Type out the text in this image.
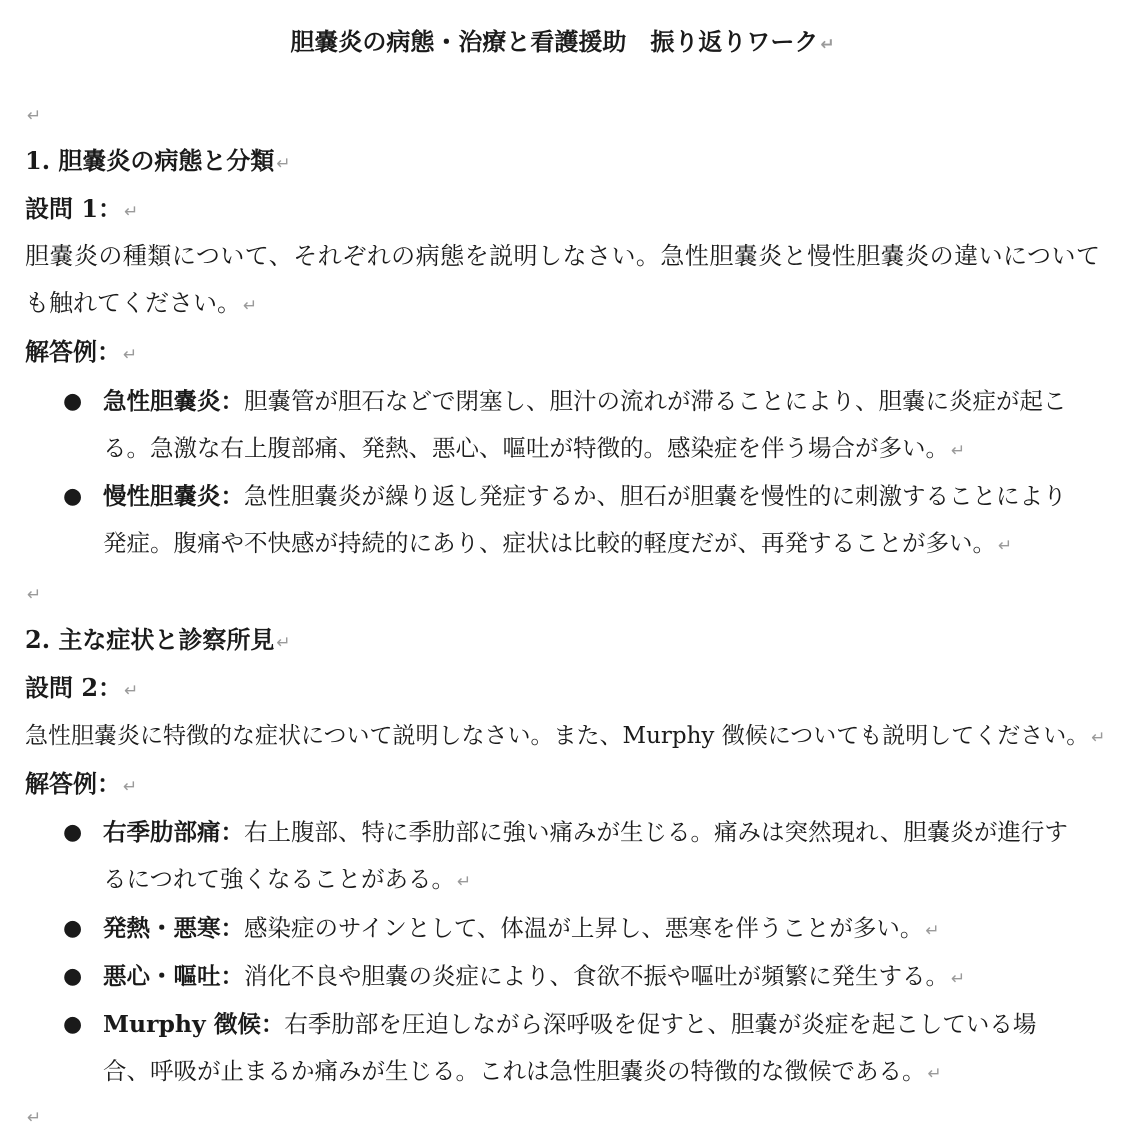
胆嚢炎の病態・治療と看護援助　振り返りワーク ↵
↵
1. 胆嚢炎の病態と分類 ↵
設問 1： ↵
胆嚢炎の種類について、それぞれの病態を説明しなさい。急性胆嚢炎と慢性胆嚢炎の違いについても触れてください。 ↵
解答例： ↵
● 急性胆嚢炎：胆嚢管が胆石などで閉塞し、胆汁の流れが滞ることにより、胆嚢に炎症が起こる。急激な右上腹部痛、発熱、悪心、嘔吐が特徴的。感染症を伴う場合が多い。 ↵
● 慢性胆嚢炎：急性胆嚢炎が繰り返し発症するか、胆石が胆嚢を慢性的に刺激することにより発症。腹痛や不快感が持続的にあり、症状は比較的軽度だが、再発することが多い。 ↵
↵
2. 主な症状と診察所見 ↵
設問 2： ↵
急性胆嚢炎に特徴的な症状について説明しなさい。また、Murphy 徴候についても説明してください。 ↵
解答例： ↵
● 右季肋部痛：右上腹部、特に季肋部に強い痛みが生じる。痛みは突然現れ、胆嚢炎が進行するにつれて強くなることがある。 ↵
● 発熱・悪寒：感染症のサインとして、体温が上昇し、悪寒を伴うことが多い。 ↵
● 悪心・嘔吐：消化不良や胆嚢の炎症により、食欲不振や嘔吐が頻繁に発生する。 ↵
● Murphy 徴候：右季肋部を圧迫しながら深呼吸を促すと、胆嚢が炎症を起こしている場合、呼吸が止まるか痛みが生じる。これは急性胆嚢炎の特徴的な徴候である。 ↵
↵
